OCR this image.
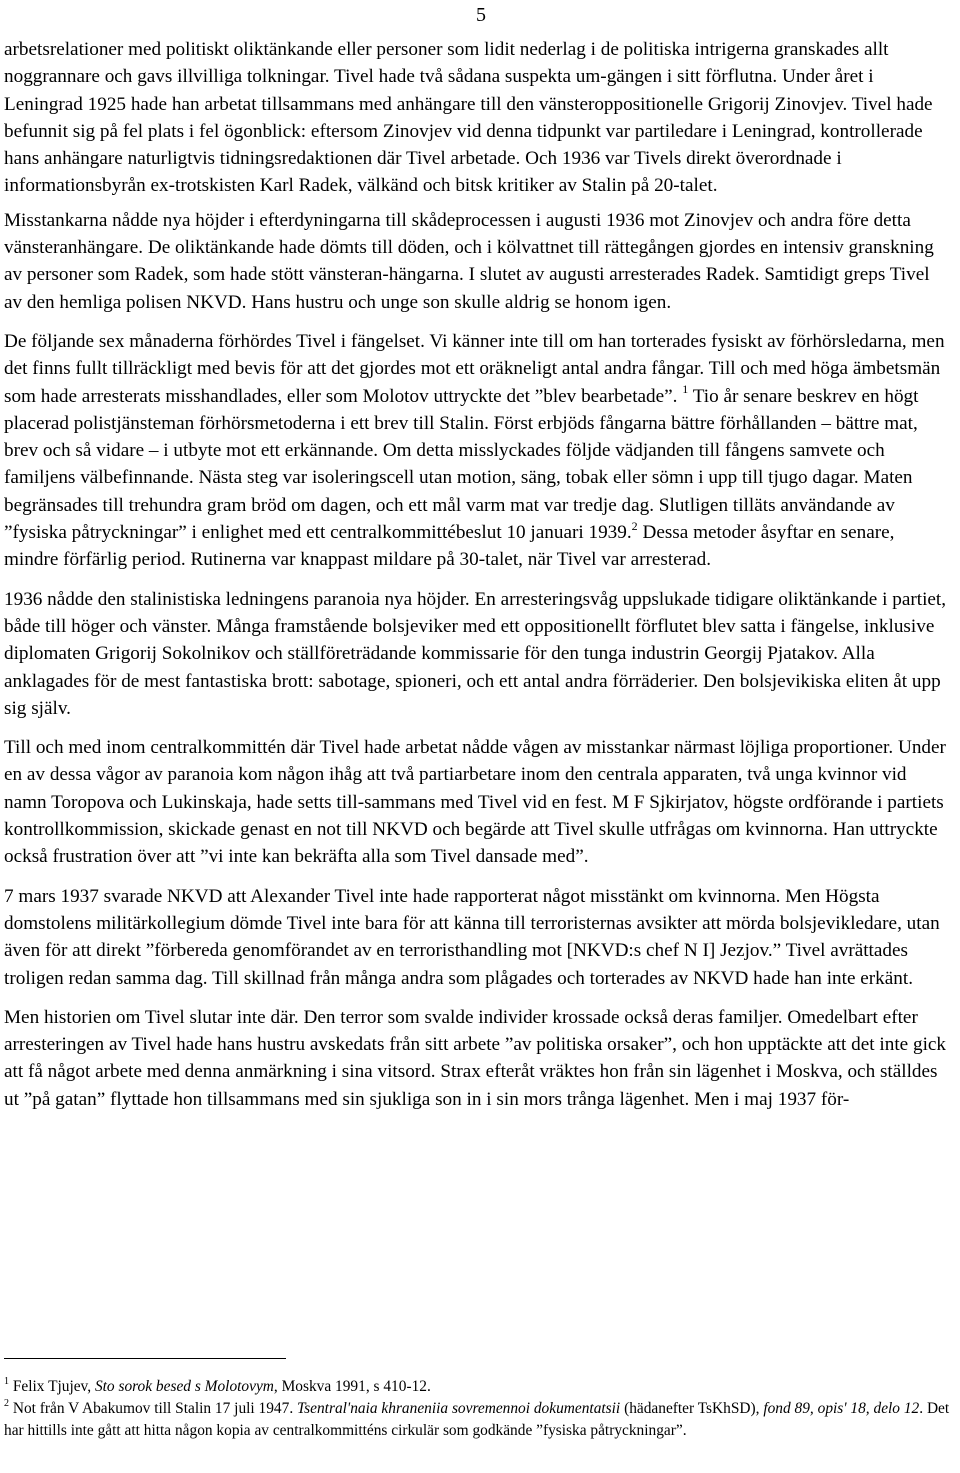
5

arbetsrelationer med politiskt oliktänkande eller personer som lidit nederlag i de politiska intrigerna granskades allt noggrannare och gavs illvilliga tolkningar. Tivel hade två sådana suspekta um-gängen i sitt förflutna. Under året i Leningrad 1925 hade han arbetat tillsammans med anhängare till den vänsteroppositionelle Grigorij Zinovjev. Tivel hade befunnit sig på fel plats i fel ögonblick: eftersom Zinovjev vid denna tidpunkt var partiledare i Leningrad, kontrollerade hans anhängare naturligtvis tidningsredaktionen där Tivel arbetade. Och 1936 var Tivels direkt överordnade i informationsbyrån ex-trotskisten Karl Radek, välkänd och bitsk kritiker av Stalin på 20-talet.

Misstankarna nådde nya höjder i efterdyningarna till skådeprocessen i augusti 1936 mot Zinovjev och andra före detta vänsteranhängare. De oliktänkande hade dömts till döden, och i kölvattnet till rättegången gjordes en intensiv granskning av personer som Radek, som hade stött vänsteran-hängarna. I slutet av augusti arresterades Radek. Samtidigt greps Tivel av den hemliga polisen NKVD. Hans hustru och unge son skulle aldrig se honom igen.

De följande sex månaderna förhördes Tivel i fängelset. Vi känner inte till om han torterades fysiskt av förhörsledarna, men det finns fullt tillräckligt med bevis för att det gjordes mot ett oräkneligt antal andra fångar. Till och med höga ämbetsmän som hade arresterats misshandlades, eller som Molotov uttryckte det ”blev bearbetade”. $^1$ Tio år senare beskrev en högt placerad polistjänsteman förhörsmetoderna i ett brev till Stalin. Först erbjöds fångarna bättre förhållanden – bättre mat, brev och så vidare – i utbyte mot ett erkännande. Om detta misslyckades följde vädjanden till fångens samvete och familjens välbefinnande. Nästa steg var isoleringscell utan motion, säng, tobak eller sömn i upp till tjugo dagar. Maten begränsades till trehundra gram bröd om dagen, och ett mål varm mat var tredje dag. Slutligen tilläts användande av ”fysiska påtryckningar” i enlighet med ett centralkommittébeslut 10 januari 1939.$^2$ Dessa metoder åsyftar en senare, mindre förfärlig period. Rutinerna var knappast mildare på 30-talet, när Tivel var arresterad.

1936 nådde den stalinistiska ledningens paranoia nya höjder. En arresteringsvåg uppslukade tidigare oliktänkande i partiet, både till höger och vänster. Många framstående bolsjeviker med ett oppositionellt förflutet blev satta i fängelse, inklusive diplomaten Grigorij Sokolnikov och ställföreträdande kommissarie för den tunga industrin Georgij Pjatakov. Alla anklagades för de mest fantastiska brott: sabotage, spioneri, och ett antal andra förräderier. Den bolsjevikiska eliten åt upp sig själv.

Till och med inom centralkommittén där Tivel hade arbetat nådde vågen av misstankar närmast löjliga proportioner. Under en av dessa vågor av paranoia kom någon ihåg att två partiarbetare inom den centrala apparaten, två unga kvinnor vid namn Toropova och Lukinskaja, hade setts till-sammans med Tivel vid en fest. M F Sjkirjatov, högste ordförande i partiets kontrollkommission, skickade genast en not till NKVD och begärde att Tivel skulle utfrågas om kvinnorna. Han uttryckte också frustration över att ”vi inte kan bekräfta alla som Tivel dansade med”.

7 mars 1937 svarade NKVD att Alexander Tivel inte hade rapporterat något misstänkt om kvinnorna. Men Högsta domstolens militärkollegium dömde Tivel inte bara för att känna till terroristernas avsikter att mörda bolsjevikledare, utan även för att direkt ”förbereda genomförandet av en terroristhandling mot [NKVD:s chef N I] Jezjov.” Tivel avrättades troligen redan samma dag. Till skillnad från många andra som plågades och torterades av NKVD hade han inte erkänt.

Men historien om Tivel slutar inte där. Den terror som svalde individer krossade också deras familjer. Omedelbart efter arresteringen av Tivel hade hans hustru avskedats från sitt arbete ”av politiska orsaker”, och hon upptäckte att det inte gick att få något arbete med denna anmärkning i sina vitsord. Strax efteråt vräktes hon från sin lägenhet i Moskva, och ställdes ut ”på gatan” flyttade hon tillsammans med sin sjukliga son in i sin mors trånga lägenhet. Men i maj 1937 för-

$^1$ Felix Tjujev, Sto sorok besed s Molotovym, Moskva 1991, s 410-12.

$^2$ Not från V Abakumov till Stalin 17 juli 1947. Tsentral'naia khraneniia sovremennoi dokumentatsii (hädanefter TsKhSD), fond 89, opis' 18, delo 12. Det har hittills inte gått att hitta någon kopia av centralkommitténs cirkulär som godkände ”fysiska påtryckningar”.
